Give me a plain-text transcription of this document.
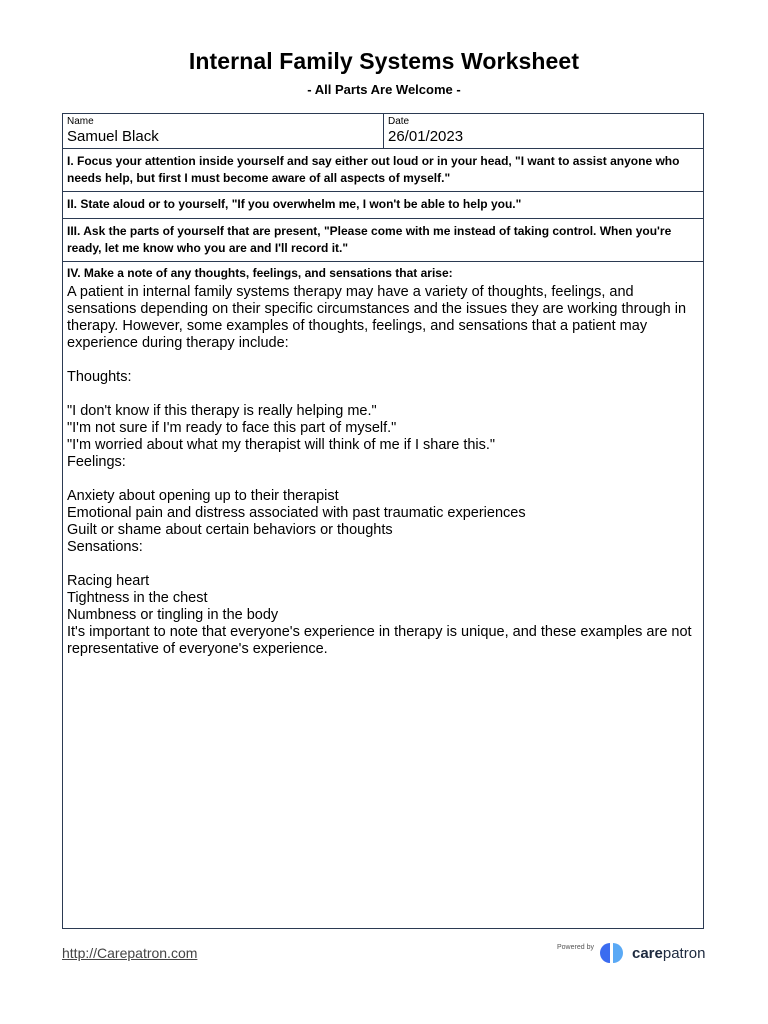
Internal Family Systems Worksheet
- All Parts Are Welcome -
Name
Samuel Black
Date
26/01/2023
I. Focus your attention inside yourself and say either out loud or in your head, "I want to assist anyone who needs help, but first I must become aware of all aspects of myself."
II. State aloud or to yourself, "If you overwhelm me, I won't be able to help you."
III. Ask the parts of yourself that are present, "Please come with me instead of taking control. When you're ready, let me know who you are and I'll record it."
IV. Make a note of any thoughts, feelings, and sensations that arise:
A patient in internal family systems therapy may have a variety of thoughts, feelings, and sensations depending on their specific circumstances and the issues they are working through in therapy. However, some examples of thoughts, feelings, and sensations that a patient may experience during therapy include:
Thoughts:
"I don't know if this therapy is really helping me."
"I'm not sure if I'm ready to face this part of myself."
"I'm worried about what my therapist will think of me if I share this."
Feelings:
Anxiety about opening up to their therapist
Emotional pain and distress associated with past traumatic experiences
Guilt or shame about certain behaviors or thoughts
Sensations:
Racing heart
Tightness in the chest
Numbness or tingling in the body
It's important to note that everyone's experience in therapy is unique, and these examples are not representative of everyone's experience.
http://Carepatron.com	Powered by	carepatron
